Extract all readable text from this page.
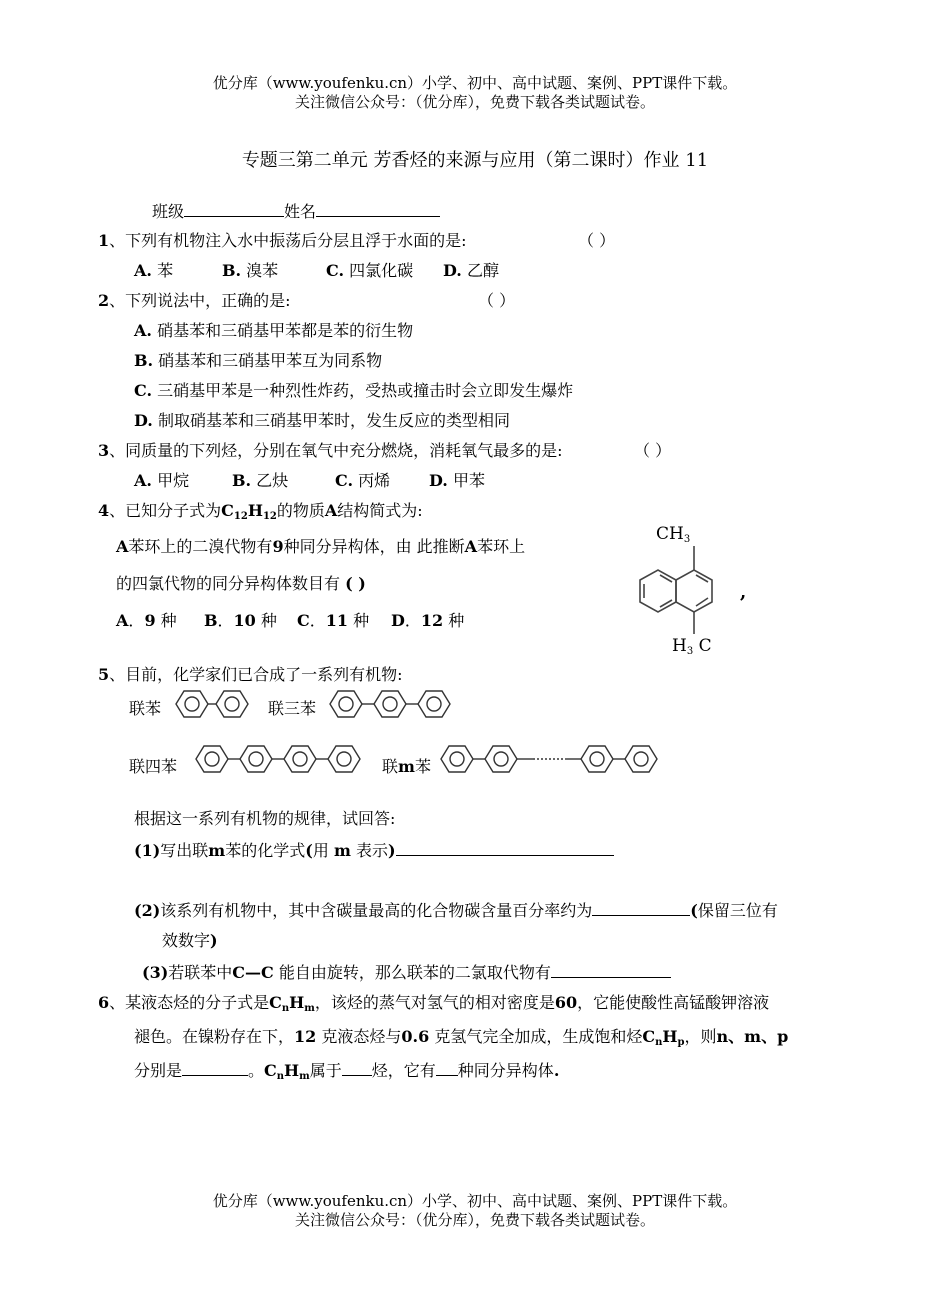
优分库（www.youfenku.cn）小学、初中、高中试题、案例、PPT课件下载。
关注微信公众号：（优分库），免费下载各类试题试卷。
专题三第二单元 芳香烃的来源与应用（第二课时）作业 11
班级	姓名
1、下列有机物注入水中振荡后分层且浮于水面的是:	（ ）
A. 苯	B. 溴苯	C. 四氯化碳 D. 乙醇
2、下列说法中，正确的是:	（ ）
A. 硝基苯和三硝基甲苯都是苯的衍生物
B. 硝基苯和三硝基甲苯互为同系物
C. 三硝基甲苯是一种烈性炸药，受热或撞击时会立即发生爆炸
D. 制取硝基苯和三硝基甲苯时，发生反应的类型相同
3、同质量的下列烃，分别在氧气中充分燃烧，消耗氧气最多的是:	（ ）
A. 甲烷	B. 乙炔	C. 丙烯 D. 甲苯
4、已知分子式为$C_{12}H_{12}$的物质A结构简式为:
A苯环上的二溴代物有9种同分异构体，由 此推断A苯环上
的四氯代物的同分异构体数目有 ( )
A．9 种 B．10 种 C．11 种 D．12 种
$CH_3$
$H_3$ C
,
5、目前，化学家们已合成了一系列有机物:
联苯	联三苯
联四苯	联m苯
根据这一系列有机物的规律，试回答:
(1)写出联m苯的化学式(用 m 表示)
(2)该系列有机物中，其中含碳量最高的化合物碳含量百分率约为	(保留三位有
效数字)
(3)若联苯中C—C 能自由旋转，那么联苯的二氯取代物有
6、某液态烃的分子式是$C_nH_m$，该烃的蒸气对氢气的相对密度是60，它能使酸性高锰酸钾溶液
褪色。在镍粉存在下，12 克液态烃与0.6 克氢气完全加成，生成饱和烃$C_nH_p$，则n、m、p
分别是	。$C_nH_m$属于 烃，它有 种同分异构体.
优分库（www.youfenku.cn）小学、初中、高中试题、案例、PPT课件下载。
关注微信公众号：（优分库），免费下载各类试题试卷。
